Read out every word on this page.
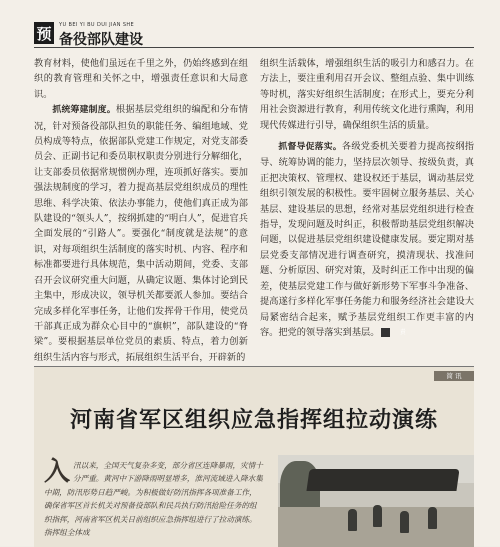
预	YU BEI YI BU DUI JIAN SHE
备役部队建设

教育材料，使他们虽远在千里之外，仍始终感到在组织的教育管理和关怀之中，增强责任意识和大局意识。

抓统筹建制度。根据基层党组织的编配和分布情况，针对预备役部队担负的职能任务、编组地域、党员构成等特点，依据部队党建工作规定，对党支部委员会、正副书记和委员职权职责分别进行分解细化，让支部委员依据常规惯例办理，连项抓好落实。要加强法规制度的学习，着力提高基层党组织成员的理性思维、科学决策、依法办事能力，使他们真正成为部队建设的“领头人”，按纲抓建的“明白人”，促进官兵全面发展的“引路人”。要强化“制度就是法规”的意识，对每项组织生活制度的落实时机、内容、程序和标准都要进行具体规范，集中活动期间，党委、支部召开会议研究重大问题，从确定议题、集体讨论到民主集中，形成决议，领导机关都要派人参加。要结合完成多样化军事任务，让他们发挥骨干作用，使党员干部真正成为群众心目中的“旗帜”，部队建设的“脊梁”。要根据基层单位党员的素质、特点，着力创新组织生活内容与形式，拓展组织生活平台，开辟新的

组织生活载体，增强组织生活的吸引力和感召力。在方法上，要注重利用召开会议、整组点验、集中训练等时机，落实好组织生活制度；在形式上，要充分利用社会资源进行教育，利用传统文化进行熏陶，利用现代传媒进行引导，确保组织生活的质量。

抓督导促落实。各级党委机关要着力提高按纲指导、统筹协调的能力，坚持层次领导、按级负责，真正把决策权、管理权、建设权还于基层，调动基层党组织引领发展的积极性。要牢固树立服务基层、关心基层、建设基层的思想，经常对基层党组织进行检查指导，发现问题及时纠正，积极帮助基层党组织解决问题，以促进基层党组织建设健康发展。要定期对基层党委支部情况进行调查研究，摸清现状、找准问题、分析原因、研究对策，及时纠正工作中出现的偏差，使基层党建工作与做好新形势下军事斗争准备、提高遂行多样化军事任务能力和服务经济社会建设大局紧密结合起来，赋予基层党组织工作更丰富的内容。把党的领导落实到基层。	責

简 讯
河南省军区组织应急指挥组拉动演练
入汛以来，全国天气复杂多变，部分省区连降暴雨，灾情十分严重。黄河中下游降雨明显增多，淮河流域进入降水集中期，防汛形势日趋严峻。为积极做好防汛指挥各项准备工作，确保省军区首长机关对预备役部队和民兵执行防汛抢险任务的组织指挥，河南省军区机关日前组织应急指挥组进行了拉动演练。指挥组全体成
